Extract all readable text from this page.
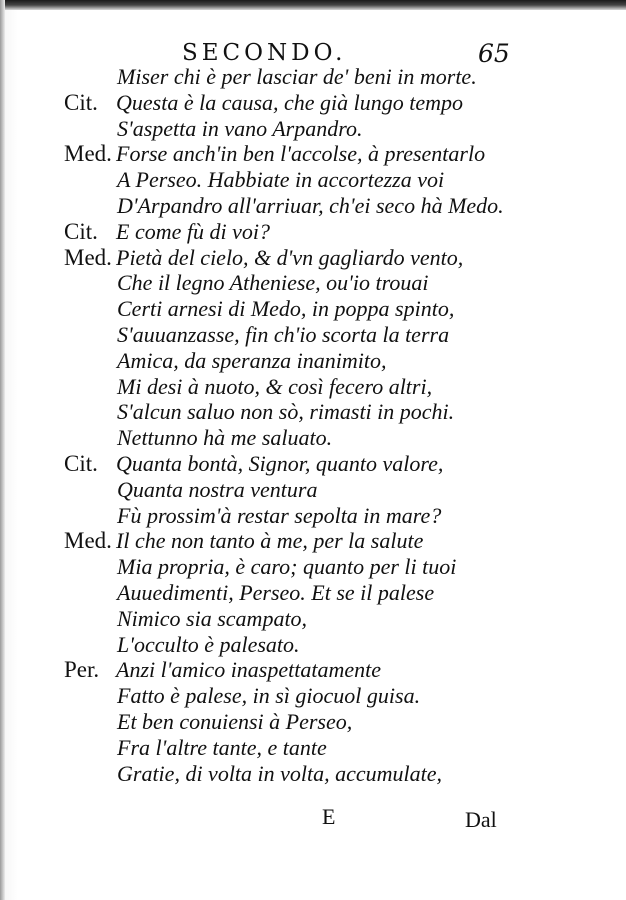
SECONDO.	65
Miser chi è per lasciar de' beni in morte.
Cit. Questa è la causa, che già lungo tempo
S'aspetta in vano Arpandro.
Med. Forse anch'in ben l'accolse, à presentarlo
A Perseo. Habbiate in accortezza voi
D'Arpandro all'arriuar, ch'ei seco hà Medo.
Cit. E come fù di voi?
Med. Pietà del cielo, & d'vn gagliardo vento,
Che il legno Atheniese, ou'io trouai
Certi arnesi di Medo, in poppa spinto,
S'auuanzasse, fin ch'io scorta la terra
Amica, da speranza inanimito,
Mi desi à nuoto, & così fecero altri,
S'alcun saluo non sò, rimasti in pochi.
Nettunno hà me saluato.
Cit. Quanta bontà, Signor, quanto valore,
Quanta nostra ventura
Fù prossim'à restar sepolta in mare?
Med. Il che non tanto à me, per la salute
Mia propria, è caro; quanto per li tuoi
Auuedimenti, Perseo. Et se il palese
Nimico sia scampato,
L'occulto è palesato.
Per. Anzi l'amico inaspettatamente
Fatto è palese, in sì giocuol guisa.
Et ben conuiensi à Perseo,
Fra l'altre tante, e tante
Gratie, di volta in volta, accumulate,
E	Dal
